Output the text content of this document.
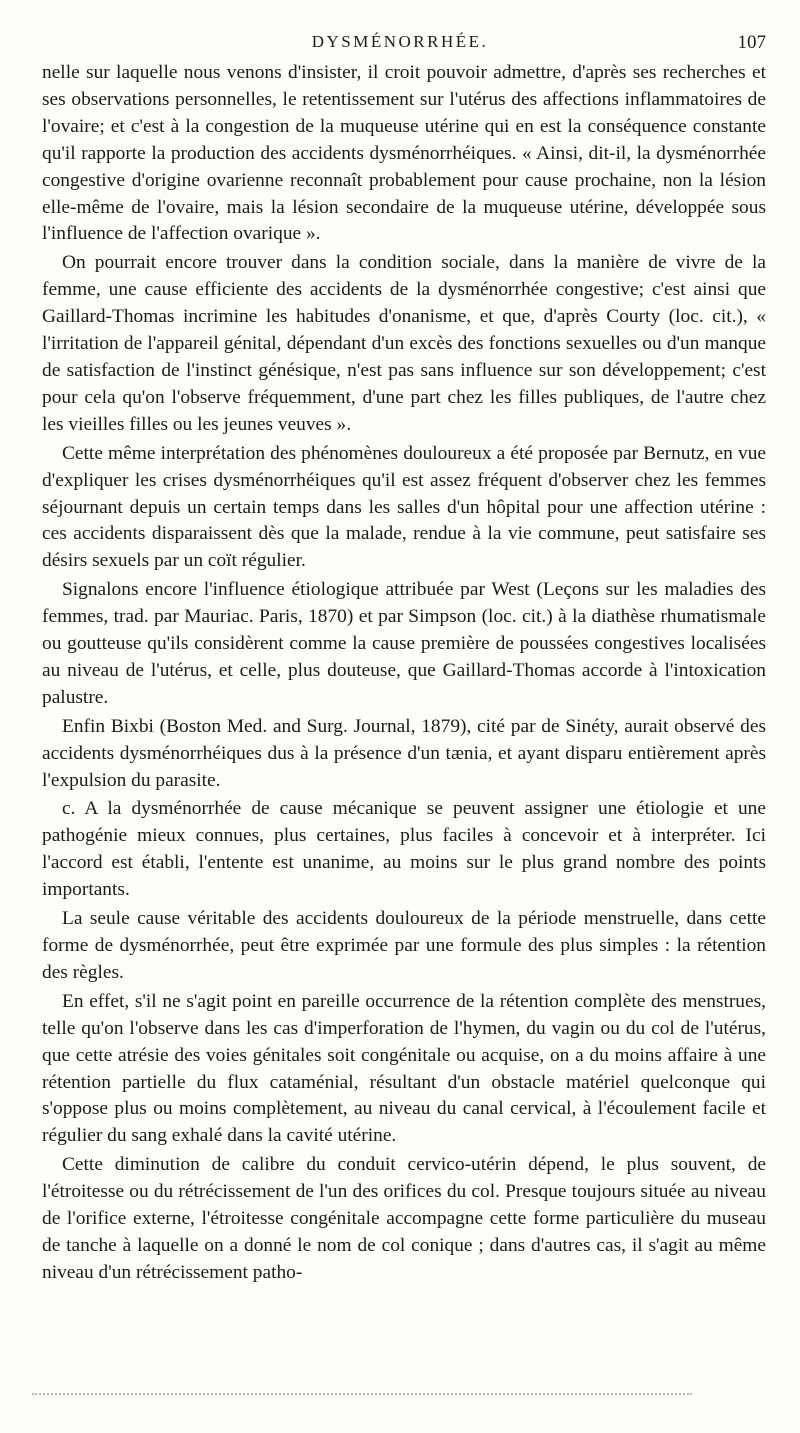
DYSMÉNORRHÉE.	107

nelle sur laquelle nous venons d'insister, il croit pouvoir admettre, d'après ses recherches et ses observations personnelles, le retentissement sur l'utérus des affections inflammatoires de l'ovaire; et c'est à la congestion de la muqueuse utérine qui en est la conséquence constante qu'il rapporte la production des accidents dysménorrhéiques. « Ainsi, dit-il, la dysménorrhée congestive d'origine ovarienne reconnaît probablement pour cause prochaine, non la lésion elle-même de l'ovaire, mais la lésion secondaire de la muqueuse utérine, développée sous l'influence de l'affection ovarique ».

On pourrait encore trouver dans la condition sociale, dans la manière de vivre de la femme, une cause efficiente des accidents de la dysménorrhée congestive; c'est ainsi que Gaillard-Thomas incrimine les habitudes d'onanisme, et que, d'après Courty (loc. cit.), « l'irritation de l'appareil génital, dépendant d'un excès des fonctions sexuelles ou d'un manque de satisfaction de l'instinct génésique, n'est pas sans influence sur son développement; c'est pour cela qu'on l'observe fréquemment, d'une part chez les filles publiques, de l'autre chez les vieilles filles ou les jeunes veuves ».

Cette même interprétation des phénomènes douloureux a été proposée par Bernutz, en vue d'expliquer les crises dysménorrhéiques qu'il est assez fréquent d'observer chez les femmes séjournant depuis un certain temps dans les salles d'un hôpital pour une affection utérine : ces accidents disparaissent dès que la malade, rendue à la vie commune, peut satisfaire ses désirs sexuels par un coït régulier.

Signalons encore l'influence étiologique attribuée par West (Leçons sur les maladies des femmes, trad. par Mauriac. Paris, 1870) et par Simpson (loc. cit.) à la diathèse rhumatismale ou goutteuse qu'ils considèrent comme la cause première de poussées congestives localisées au niveau de l'utérus, et celle, plus douteuse, que Gaillard-Thomas accorde à l'intoxication palustre.

Enfin Bixbi (Boston Med. and Surg. Journal, 1879), cité par de Sinéty, aurait observé des accidents dysménorrhéiques dus à la présence d'un tænia, et ayant disparu entièrement après l'expulsion du parasite.

c. A la dysménorrhée de cause mécanique se peuvent assigner une étiologie et une pathogénie mieux connues, plus certaines, plus faciles à concevoir et à interpréter. Ici l'accord est établi, l'entente est unanime, au moins sur le plus grand nombre des points importants.

La seule cause véritable des accidents douloureux de la période menstruelle, dans cette forme de dysménorrhée, peut être exprimée par une formule des plus simples : la rétention des règles.

En effet, s'il ne s'agit point en pareille occurrence de la rétention complète des menstrues, telle qu'on l'observe dans les cas d'imperforation de l'hymen, du vagin ou du col de l'utérus, que cette atrésie des voies génitales soit congénitale ou acquise, on a du moins affaire à une rétention partielle du flux cataménial, résultant d'un obstacle matériel quelconque qui s'oppose plus ou moins complètement, au niveau du canal cervical, à l'écoulement facile et régulier du sang exhalé dans la cavité utérine.

Cette diminution de calibre du conduit cervico-utérin dépend, le plus souvent, de l'étroitesse ou du rétrécissement de l'un des orifices du col. Presque toujours située au niveau de l'orifice externe, l'étroitesse congénitale accompagne cette forme particulière du museau de tanche à laquelle on a donné le nom de col conique ; dans d'autres cas, il s'agit au même niveau d'un rétrécissement patho-
